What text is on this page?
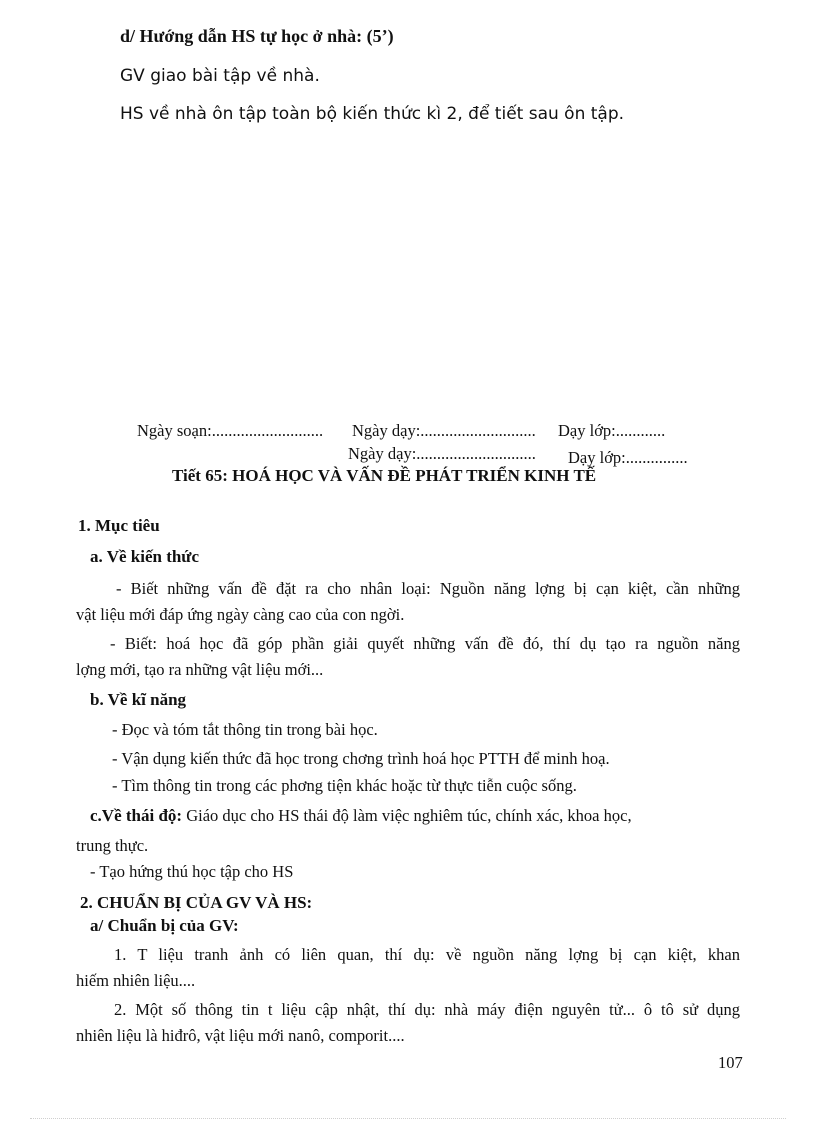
d/ Hướng dẫn HS tự học ở nhà: (5’)
GV giao bài tập về nhà.
HS về nhà ôn tập toàn bộ kiến thức kì 2, để tiết sau ôn tập.
Ngày soạn:........................... Ngày dạy:............................ Dạy lớp:............
Ngày dạy:............................. Dạy lớp:...............
Tiết 65: HOÁ HỌC VÀ VẤN ĐỀ PHÁT TRIỂN KINH TẾ
1. Mục tiêu
a. Về kiến thức
- Biết những vấn đề đặt ra cho nhân loại: Nguồn năng lợng bị cạn kiệt, cần những
vật liệu mới đáp ứng ngày càng cao của con ngời.
- Biết: hoá học đã góp phần giải quyết những vấn đề đó, thí dụ tạo ra nguồn năng
lợng mới, tạo ra những vật liệu mới...
b. Về kĩ năng
- Đọc và tóm tắt thông tin trong bài học.
- Vận dụng kiến thức đã học trong chơng trình hoá học PTTH để minh hoạ.
- Tìm thông tin trong các phơng tiện khác hoặc từ thực tiễn cuộc sống.
c.Về thái độ: Giáo dục cho HS thái độ làm việc nghiêm túc, chính xác, khoa học,
trung thực.
- Tạo hứng thú học tập cho HS
2. CHUẨN BỊ CỦA GV VÀ HS:
a/ Chuẩn bị của GV:
1. T liệu tranh ảnh có liên quan, thí dụ: về nguồn năng lợng bị cạn kiệt, khan
hiếm nhiên liệu....
2. Một số thông tin t liệu cập nhật, thí dụ: nhà máy điện nguyên tử... ô tô sử dụng
nhiên liệu là hiđrô, vật liệu mới nanô, comporit....
107
